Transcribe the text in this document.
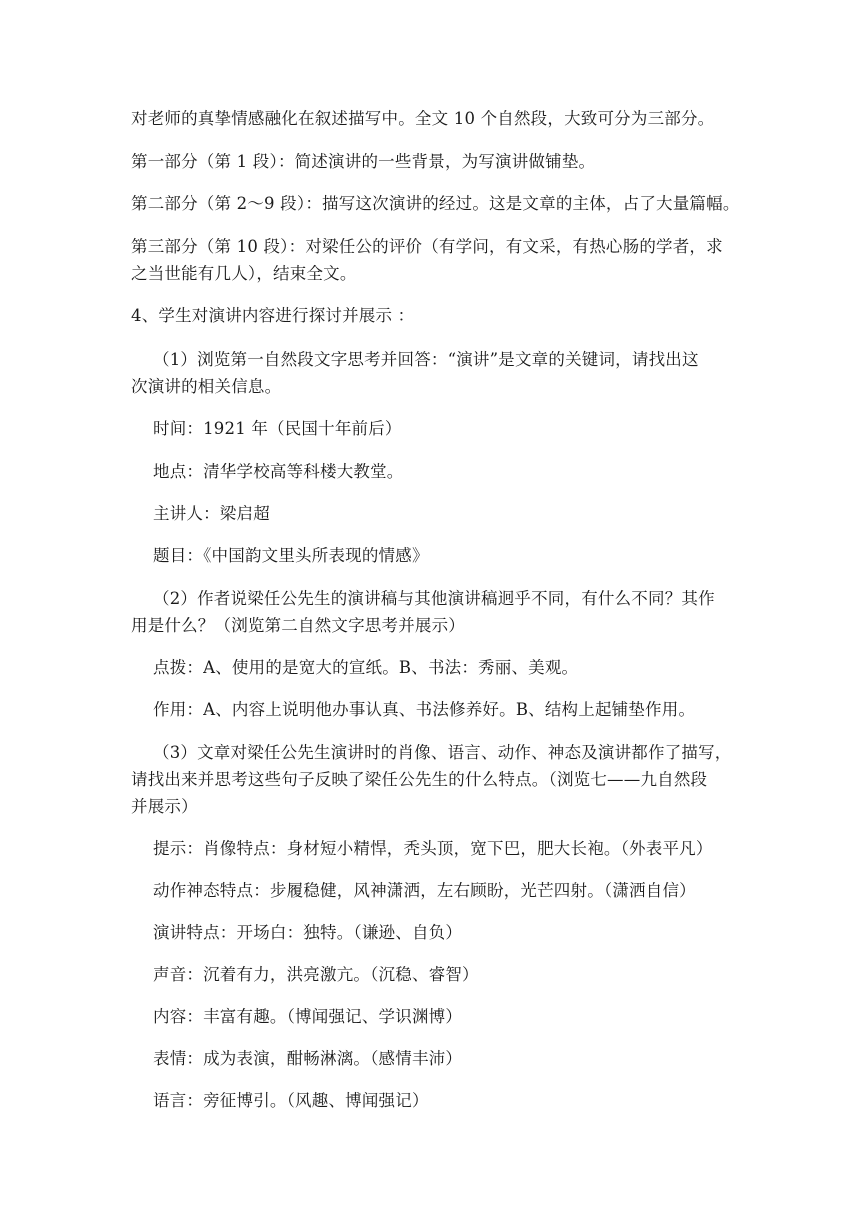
对老师的真挚情感融化在叙述描写中。全文 10 个自然段，大致可分为三部分。
第一部分（第 1 段）：简述演讲的一些背景，为写演讲做铺垫。
第二部分（第 2～9 段）：描写这次演讲的经过。这是文章的主体，占了大量篇幅。
第三部分（第 10 段）：对梁任公的评价（有学问，有文采，有热心肠的学者，求
之当世能有几人），结束全文。
4、学生对演讲内容进行探讨并展示 ：
（1）浏览第一自然段文字思考并回答：“演讲”是文章的关键词，请找出这
次演讲的相关信息。
时间：1921 年（民国十年前后）
地点：清华学校高等科楼大教堂。
主讲人：梁启超
题目：《中国韵文里头所表现的情感》
（2）作者说梁任公先生的演讲稿与其他演讲稿迥乎不同，有什么不同？其作
用是什么？（浏览第二自然文字思考并展示）
点拨：A、使用的是宽大的宣纸。B、书法：秀丽、美观。
作用：A、内容上说明他办事认真、书法修养好。B、结构上起铺垫作用。
（3）文章对梁任公先生演讲时的肖像、语言、动作、神态及演讲都作了描写，
请找出来并思考这些句子反映了梁任公先生的什么特点。（浏览七——九自然段
并展示）
提示：肖像特点：身材短小精悍，秃头顶，宽下巴，肥大长袍。（外表平凡）
动作神态特点：步履稳健，风神潇洒，左右顾盼，光芒四射。（潇洒自信）
演讲特点：开场白：独特。（谦逊、自负）
声音：沉着有力，洪亮激亢。（沉稳、睿智）
内容：丰富有趣。（博闻强记、学识渊博）
表情：成为表演，酣畅淋漓。（感情丰沛）
语言：旁征博引。（风趣、博闻强记）
